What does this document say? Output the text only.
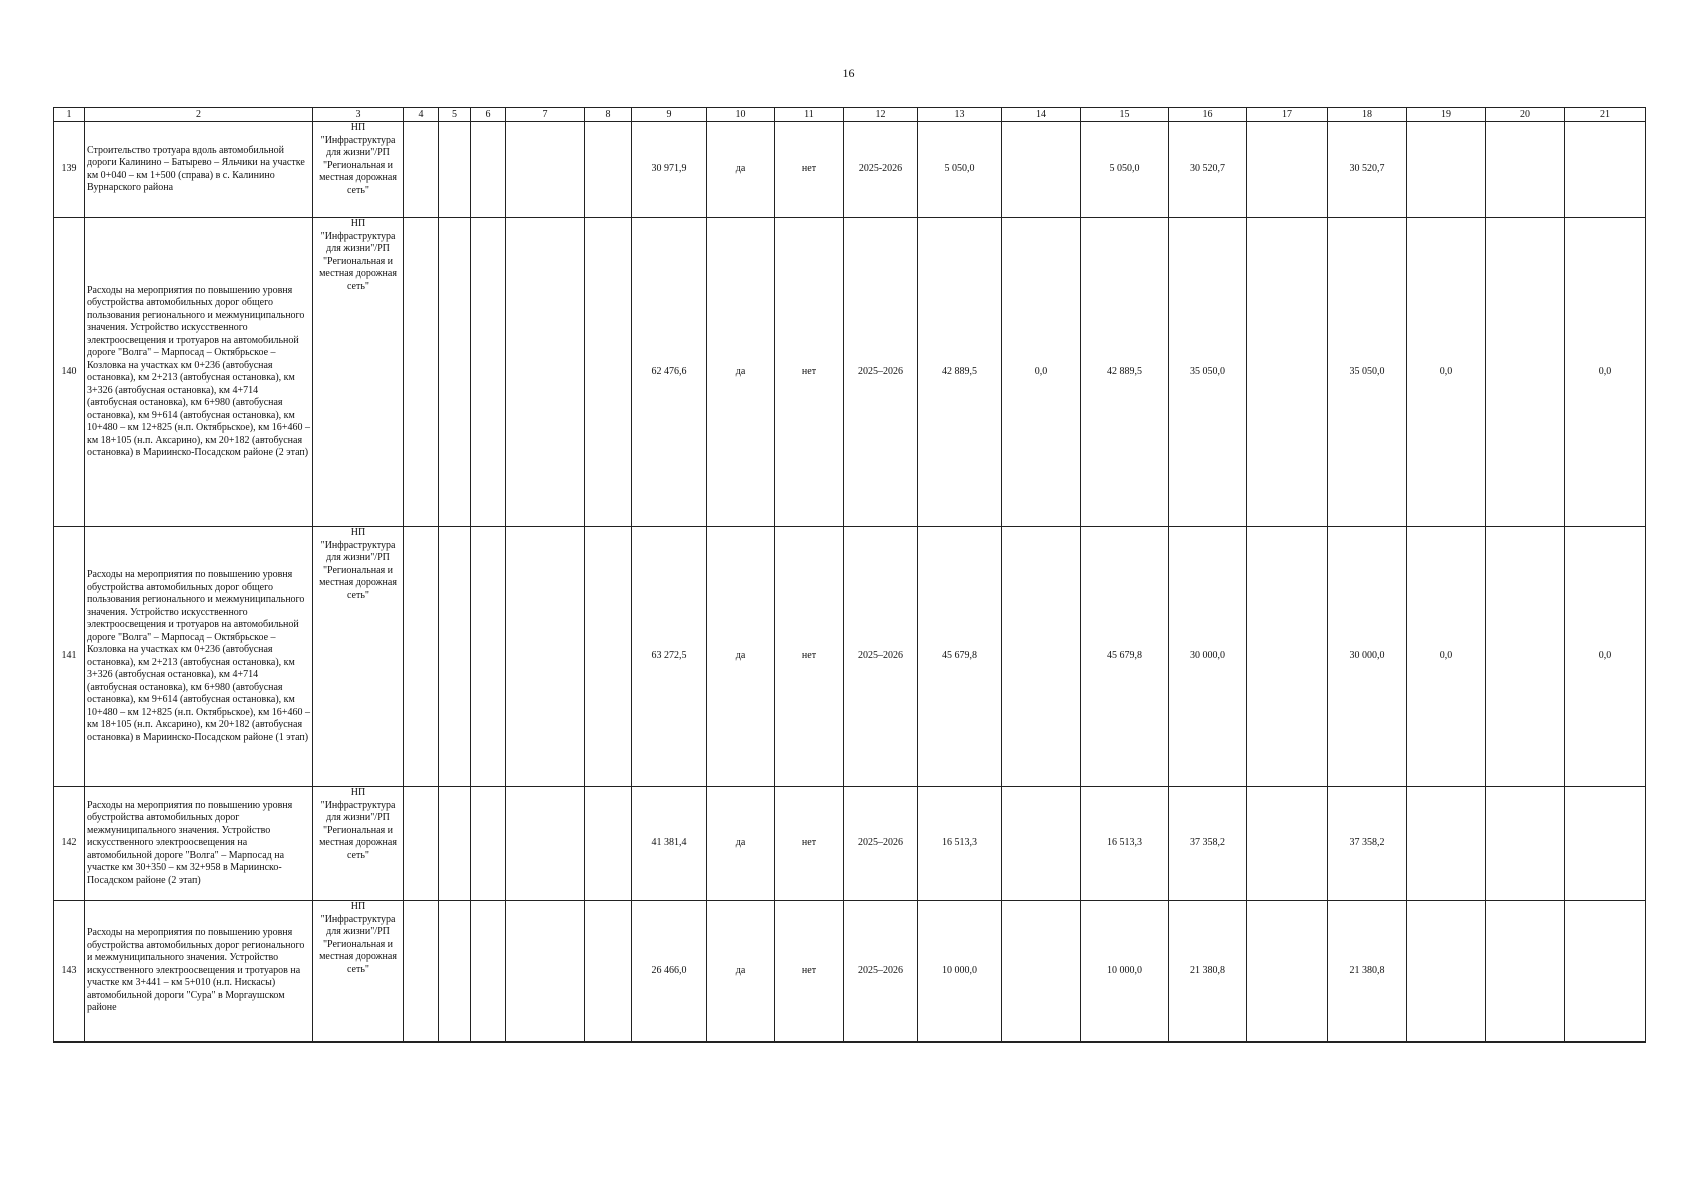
16
1	2	3	4	5	6	7	8	9	10	11	12	13	14	15	16	17	18	19	20	21
139	Строительство тротуара вдоль автомобильной дороги Калинино – Батырево – Яльчики на участке км 0+040 – км 1+500 (справа) в с. Калинино Вурнарского района	НП "Инфраструктура для жизни"/РП "Региональная и местная дорожная сеть"						30 971,9	да	нет	2025-2026	5 050,0		5 050,0	30 520,7		30 520,7			
140	Расходы на мероприятия по повышению уровня обустройства автомобильных дорог общего пользования регионального и межмуниципального значения. Устройство искусственного электроосвещения и тротуаров на автомобильной дороге "Волга" – Марпосад – Октябрьское – Козловка на участках км 0+236 (автобусная остановка), км 2+213 (автобусная остановка), км 3+326 (автобусная остановка), км 4+714 (автобусная остановка), км 6+980 (автобусная остановка), км 9+614 (автобусная остановка), км 10+480 – км 12+825 (н.п. Октябрьское), км 16+460 – км 18+105 (н.п. Аксарино), км 20+182 (автобусная остановка) в Мариинско-Посадском районе (2 этап)	НП "Инфраструктура для жизни"/РП "Региональная и местная дорожная сеть"						62 476,6	да	нет	2025–2026	42 889,5	0,0	42 889,5	35 050,0		35 050,0	0,0		0,0
141	Расходы на мероприятия по повышению уровня обустройства автомобильных дорог общего пользования регионального и межмуниципального значения. Устройство искусственного электроосвещения и тротуаров на автомобильной дороге "Волга" – Марпосад – Октябрьское – Козловка на участках км 0+236 (автобусная остановка), км 2+213 (автобусная остановка), км 3+326 (автобусная остановка), км 4+714 (автобусная остановка), км 6+980 (автобусная остановка), км 9+614 (автобусная остановка), км 10+480 – км 12+825 (н.п. Октябрьское), км 16+460 – км 18+105 (н.п. Аксарино), км 20+182 (автобусная остановка) в Мариинско-Посадском районе (1 этап)	НП "Инфраструктура для жизни"/РП "Региональная и местная дорожная сеть"						63 272,5	да	нет	2025–2026	45 679,8		45 679,8	30 000,0		30 000,0	0,0		0,0
142	Расходы на мероприятия по повышению уровня обустройства автомобильных дорог межмуниципального значения. Устройство искусственного электроосвещения на автомобильной дороге "Волга" – Марпосад на участке км 30+350 – км 32+958 в Мариинско-Посадском районе (2 этап)	НП "Инфраструктура для жизни"/РП "Региональная и местная дорожная сеть"						41 381,4	да	нет	2025–2026	16 513,3		16 513,3	37 358,2		37 358,2			
143	Расходы на мероприятия по повышению уровня обустройства автомобильных дорог регионального и межмуниципального значения. Устройство искусственного электроосвещения и тротуаров на участке км 3+441 – км 5+010 (н.п. Нискасы) автомобильной дороги "Сура" в Моргаушском районе	НП "Инфраструктура для жизни"/РП "Региональная и местная дорожная сеть"						26 466,0	да	нет	2025–2026	10 000,0		10 000,0	21 380,8		21 380,8			
